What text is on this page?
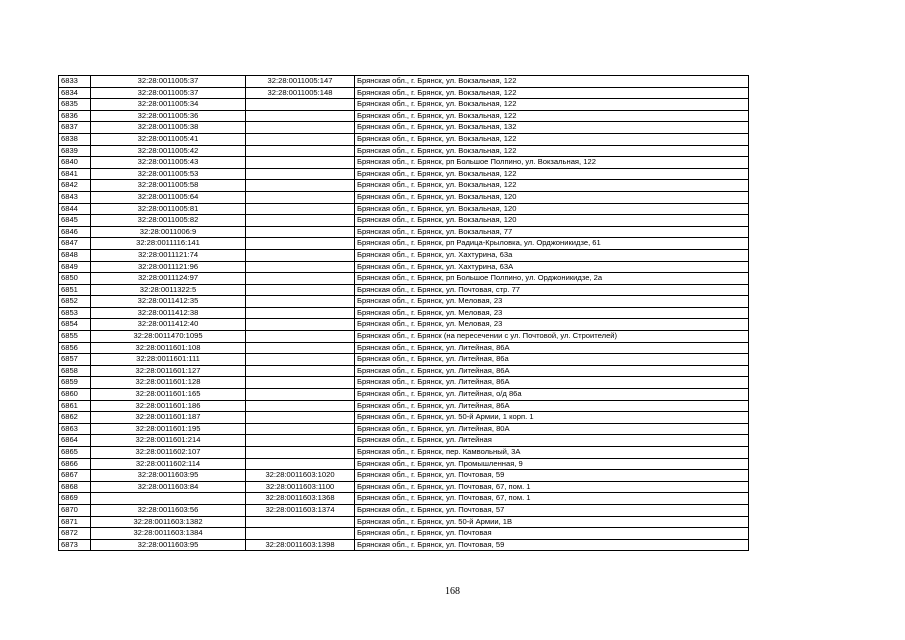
6833	32:28:0011005:37	32:28:0011005:147	Брянская обл., г. Брянск, ул. Вокзальная, 122
6834	32:28:0011005:37	32:28:0011005:148	Брянская обл., г. Брянск, ул. Вокзальная, 122
6835	32:28:0011005:34		Брянская обл., г. Брянск, ул. Вокзальная, 122
6836	32:28:0011005:36		Брянская обл., г. Брянск, ул. Вокзальная, 122
6837	32:28:0011005:38		Брянская обл., г. Брянск, ул. Вокзальная, 132
6838	32:28:0011005:41		Брянская обл., г. Брянск, ул. Вокзальная, 122
6839	32:28:0011005:42		Брянская обл., г. Брянск, ул. Вокзальная, 122
6840	32:28:0011005:43		Брянская обл., г. Брянск, рп Большое Полпино, ул. Вокзальная, 122
6841	32:28:0011005:53		Брянская обл., г. Брянск, ул. Вокзальная, 122
6842	32:28:0011005:58		Брянская обл., г. Брянск, ул. Вокзальная, 122
6843	32:28:0011005:64		Брянская обл., г. Брянск, ул. Вокзальная, 120
6844	32:28:0011005:81		Брянская обл., г. Брянск, ул. Вокзальная, 120
6845	32:28:0011005:82		Брянская обл., г. Брянск, ул. Вокзальная, 120
6846	32:28:0011006:9		Брянская обл., г. Брянск, ул. Вокзальная, 77
6847	32:28:0011116:141		Брянская обл., г. Брянск, рп Радица-Крыловка, ул. Орджоникидзе, 61
6848	32:28:0011121:74		Брянская обл., г. Брянск, ул. Хахтурина, 63а
6849	32:28:0011121:96		Брянская обл., г. Брянск, ул. Хахтурина, 63А
6850	32:28:0011124:97		Брянская обл., г. Брянск, рп Большое Полпино, ул. Орджоникидзе, 2а
6851	32:28:0011322:5		Брянская обл., г. Брянск, ул. Почтовая, стр. 77
6852	32:28:0011412:35		Брянская обл., г. Брянск, ул. Меловая, 23
6853	32:28:0011412:38		Брянская обл., г. Брянск, ул. Меловая, 23
6854	32:28:0011412:40		Брянская обл., г. Брянск, ул. Меловая, 23
6855	32:28:0011470:1095		Брянская обл., г. Брянск (на пересечении с ул. Почтовой, ул. Строителей)
6856	32:28:0011601:108		Брянская обл., г. Брянск, ул. Литейная, 86А
6857	32:28:0011601:111		Брянская обл., г. Брянск, ул. Литейная, 86а
6858	32:28:0011601:127		Брянская обл., г. Брянск, ул. Литейная, 86А
6859	32:28:0011601:128		Брянская обл., г. Брянск, ул. Литейная, 86А
6860	32:28:0011601:165		Брянская обл., г. Брянск, ул. Литейная, о/д 86а
6861	32:28:0011601:186		Брянская обл., г. Брянск, ул. Литейная, 86А
6862	32:28:0011601:187		Брянская обл., г. Брянск, ул. 50-й Армии, 1 корп. 1
6863	32:28:0011601:195		Брянская обл., г. Брянск, ул. Литейная, 80А
6864	32:28:0011601:214		Брянская обл., г. Брянск, ул. Литейная
6865	32:28:0011602:107		Брянская обл., г. Брянск, пер. Камвольный, 3А
6866	32:28:0011602:114		Брянская обл., г. Брянск, ул. Промышленная, 9
6867	32:28:0011603:95	32:28:0011603:1020	Брянская обл., г. Брянск, ул. Почтовая, 59
6868	32:28:0011603:84	32:28:0011603:1100	Брянская обл., г. Брянск, ул. Почтовая, 67, пом. 1
6869		32:28:0011603:1368	Брянская обл., г. Брянск, ул. Почтовая, 67, пом. 1
6870	32:28:0011603:56	32:28:0011603:1374	Брянская обл., г. Брянск, ул. Почтовая, 57
6871	32:28:0011603:1382		Брянская обл., г. Брянск, ул. 50-й Армии, 1В
6872	32:28:0011603:1384		Брянская обл., г. Брянск, ул. Почтовая
6873	32:28:0011603:95	32:28:0011603:1398	Брянская обл., г. Брянск, ул. Почтовая, 59
168
